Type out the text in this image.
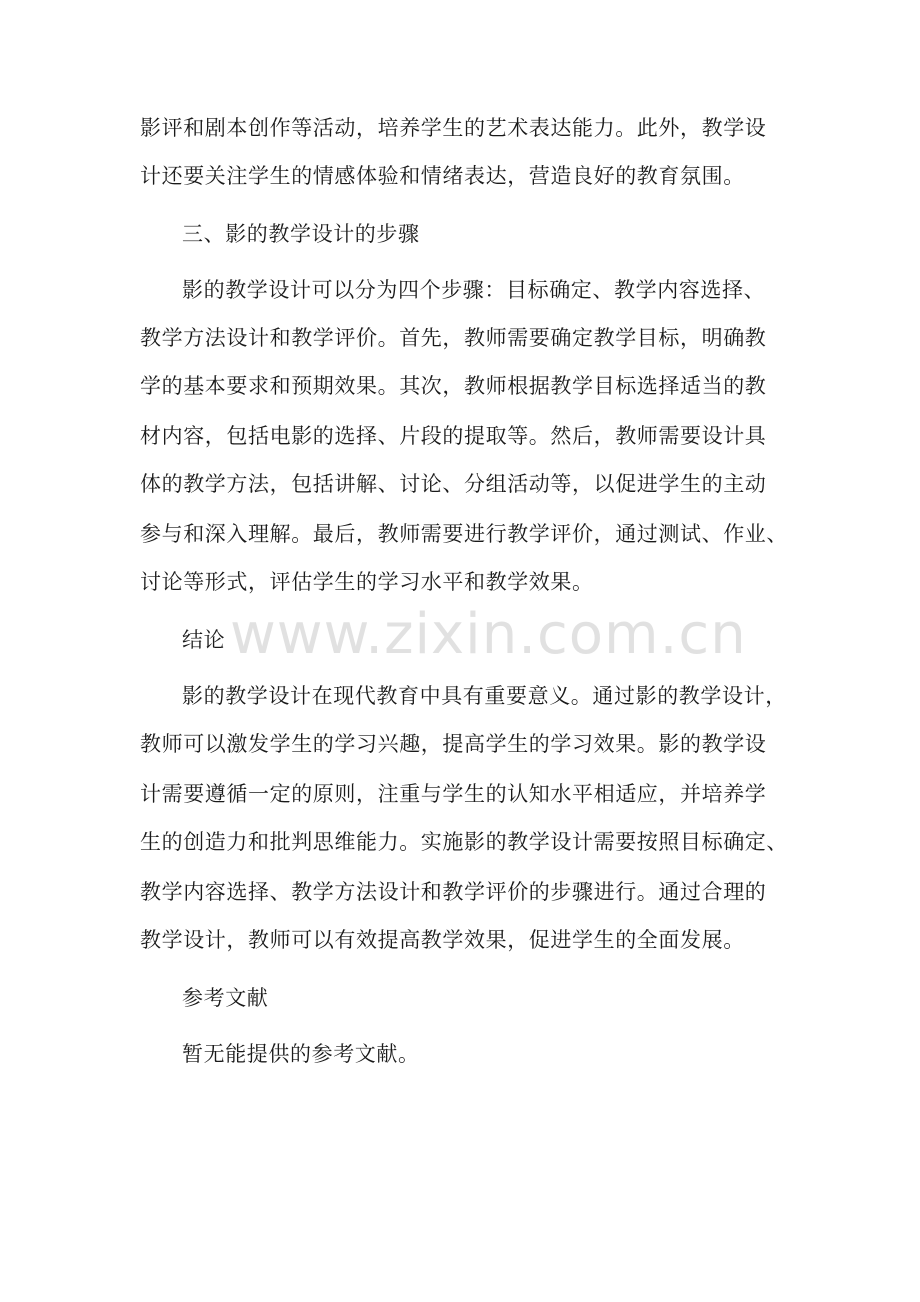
影评和剧本创作等活动，培养学生的艺术表达能力。此外，教学设

计还要关注学生的情感体验和情绪表达，营造良好的教育氛围。

三、影的教学设计的步骤

影的教学设计可以分为四个步骤：目标确定、教学内容选择、

教学方法设计和教学评价。首先，教师需要确定教学目标，明确教

学的基本要求和预期效果。其次，教师根据教学目标选择适当的教

材内容，包括电影的选择、片段的提取等。然后，教师需要设计具

体的教学方法，包括讲解、讨论、分组活动等，以促进学生的主动

参与和深入理解。最后，教师需要进行教学评价，通过测试、作业、

讨论等形式，评估学生的学习水平和教学效果。

结论

影的教学设计在现代教育中具有重要意义。通过影的教学设计，

教师可以激发学生的学习兴趣，提高学生的学习效果。影的教学设

计需要遵循一定的原则，注重与学生的认知水平相适应，并培养学

生的创造力和批判思维能力。实施影的教学设计需要按照目标确定、

教学内容选择、教学方法设计和教学评价的步骤进行。通过合理的

教学设计，教师可以有效提高教学效果，促进学生的全面发展。

参考文献

暂无能提供的参考文献。

www.zixin.com.cn
